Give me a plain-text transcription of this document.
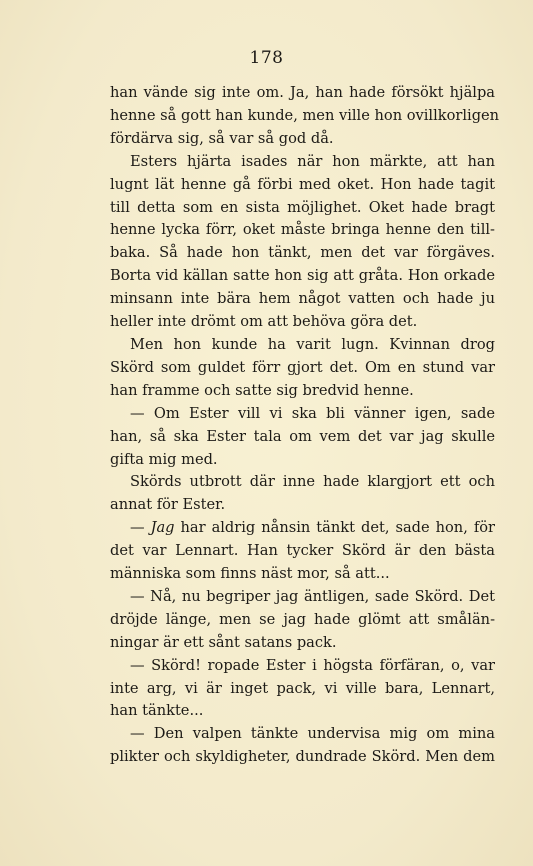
178
han vände sig inte om. Ja, han hade försökt hjälpa
henne så gott han kunde, men ville hon ovillkorligen
fördärva sig, så var så god då.
Esters hjärta isades när hon märkte, att han
lugnt lät henne gå förbi med oket. Hon hade tagit
till detta som en sista möjlighet. Oket hade bragt
henne lycka förr, oket måste bringa henne den till-
baka. Så hade hon tänkt, men det var förgäves.
Borta vid källan satte hon sig att gråta. Hon orkade
minsann inte bära hem något vatten och hade ju
heller inte drömt om att behöva göra det.
Men hon kunde ha varit lugn. Kvinnan drog
Skörd som guldet förr gjort det. Om en stund var
han framme och satte sig bredvid henne.
— Om Ester vill vi ska bli vänner igen, sade
han, så ska Ester tala om vem det var jag skulle
gifta mig med.
Skörds utbrott där inne hade klargjort ett och
annat för Ester.
— Jag har aldrig nånsin tänkt det, sade hon, för
det var Lennart. Han tycker Skörd är den bästa
människa som finns näst mor, så att...
— Nå, nu begriper jag äntligen, sade Skörd. Det
dröjde länge, men se jag hade glömt att smålän-
ningar är ett sånt satans pack.
— Skörd! ropade Ester i högsta förfäran, o, var
inte arg, vi är inget pack, vi ville bara, Lennart,
han tänkte...
— Den valpen tänkte undervisa mig om mina
plikter och skyldigheter, dundrade Skörd. Men dem
